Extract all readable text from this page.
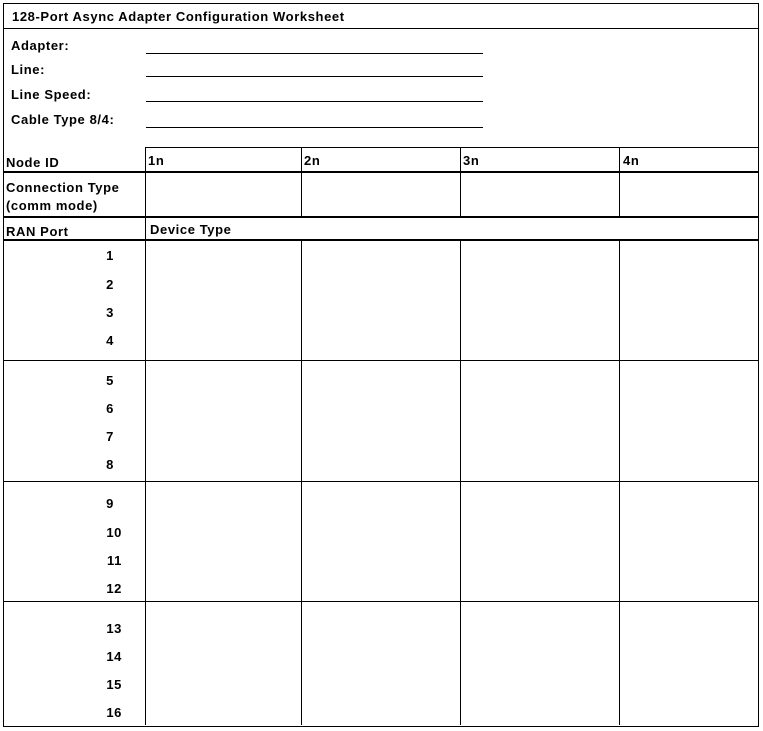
128-Port Async Adapter Configuration Worksheet
Adapter:
Line:
Line Speed:
Cable Type 8/4:
Node ID	1n	2n	3n	4n
Connection Type
(comm mode)
RAN Port	Device Type
1
2
3
4
5
6
7
8
9
10
11
12
13
14
15
16
